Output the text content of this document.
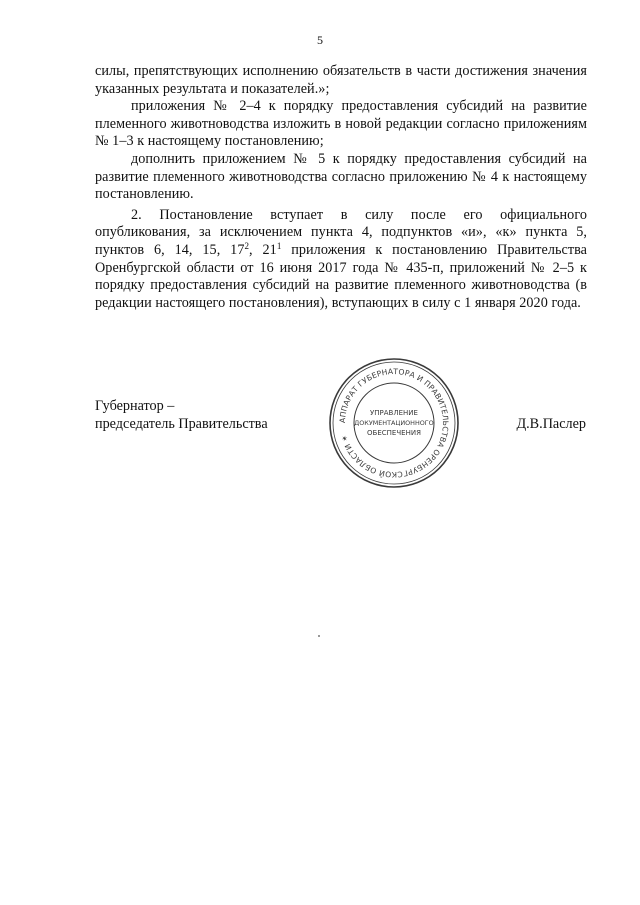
5

силы, препятствующих исполнению обязательств в части достижения значения указанных результата и показателей.»;

приложения № 2–4 к порядку предоставления субсидий на развитие племенного животноводства изложить в новой редакции согласно приложениям № 1–3 к настоящему постановлению;

дополнить приложением № 5 к порядку предоставления субсидий на развитие племенного животноводства согласно приложению № 4 к настоящему постановлению.

2. Постановление вступает в силу после его официального опубликования, за исключением пункта 4, подпунктов «и», «к» пункта 5, пунктов 6, 14, 15, $17^2$, $21^1$ приложения к постановлению Правительства Оренбургской области от 16 июня 2017 года № 435-п, приложений № 2–5 к порядку предоставления субсидий на развитие племенного животноводства (в редакции настоящего постановления), вступающих в силу с 1 января 2020 года.

Губернатор –
председатель Правительства	АППАРАТ ГУБЕРНАТОРА И ПРАВИТЕЛЬСТВА ОРЕНБУРГСКОЙ ОБЛАСТИ ✶
УПРАВЛЕНИЕ
ДОКУМЕНТАЦИОННОГО
ОБЕСПЕЧЕНИЯ
Д.В.Паслер
